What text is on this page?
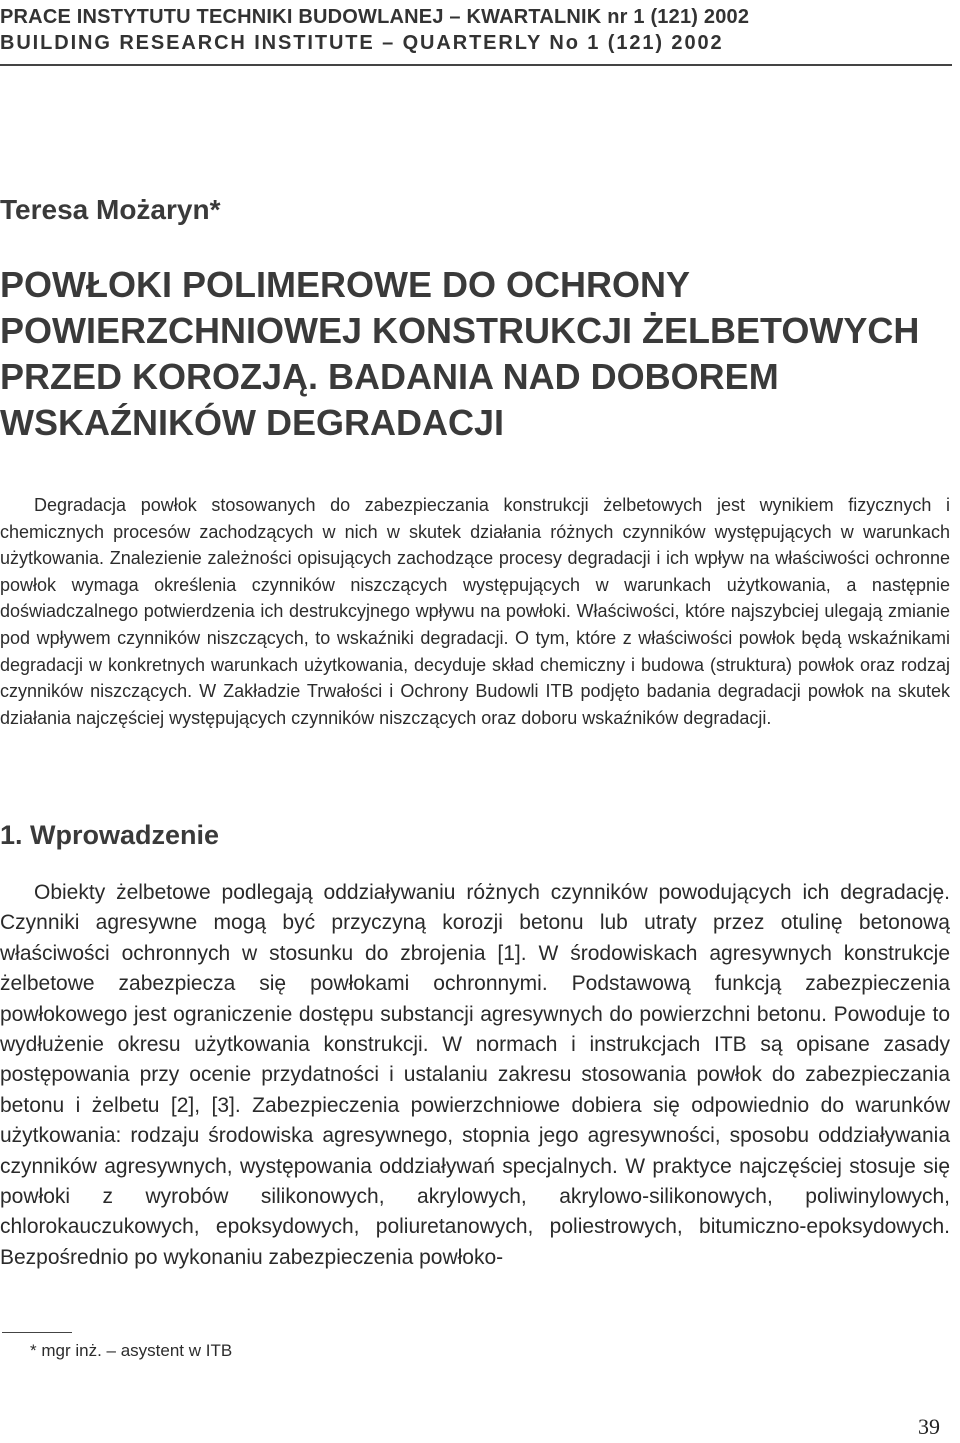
PRACE INSTYTUTU TECHNIKI BUDOWLANEJ – KWARTALNIK nr 1 (121) 2002
BUILDING RESEARCH INSTITUTE – QUARTERLY No 1 (121) 2002
Teresa Możaryn*
POWŁOKI POLIMEROWE DO OCHRONY
POWIERZCHNIOWEJ KONSTRUKCJI ŻELBETOWYCH
PRZED KOROZJĄ. BADANIA NAD DOBOREM
WSKAŹNIKÓW DEGRADACJI
Degradacja powłok stosowanych do zabezpieczania konstrukcji żelbetowych jest wynikiem fizycznych i chemicznych procesów zachodzących w nich w skutek działania różnych czynników występujących w warunkach użytkowania. Znalezienie zależności opisujących zachodzące procesy degradacji i ich wpływ na właściwości ochronne powłok wymaga określenia czynników niszczących występujących w warunkach użytkowania, a następnie doświadczalnego potwierdzenia ich destrukcyjnego wpływu na powłoki. Właściwości, które najszybciej ulegają zmianie pod wpływem czynników niszczących, to wskaźniki degradacji. O tym, które z właściwości powłok będą wskaźnikami degradacji w konkretnych warunkach użytkowania, decyduje skład chemiczny i budowa (struktura) powłok oraz rodzaj czynników niszczących. W Zakładzie Trwałości i Ochrony Budowli ITB podjęto badania degradacji powłok na skutek działania najczęściej występujących czynników niszczących oraz doboru wskaźników degradacji.
1. Wprowadzenie
Obiekty żelbetowe podlegają oddziaływaniu różnych czynników powodujących ich degradację. Czynniki agresywne mogą być przyczyną korozji betonu lub utraty przez otulinę betonową właściwości ochronnych w stosunku do zbrojenia [1]. W środowiskach agresywnych konstrukcje żelbetowe zabezpiecza się powłokami ochronnymi. Podstawową funkcją zabezpieczenia powłokowego jest ograniczenie dostępu substancji agresywnych do powierzchni betonu. Powoduje to wydłużenie okresu użytkowania konstrukcji. W normach i instrukcjach ITB są opisane zasady postępowania przy ocenie przydatności i ustalaniu zakresu stosowania powłok do zabezpieczania betonu i żelbetu [2], [3]. Zabezpieczenia powierzchniowe dobiera się odpowiednio do warunków użytkowania: rodzaju środowiska agresywnego, stopnia jego agresywności, sposobu oddziaływania czynników agresywnych, występowania oddziaływań specjalnych. W praktyce najczęściej stosuje się powłoki z wyrobów silikonowych, akrylowych, akrylowo-silikonowych, poliwinylowych, chlorokauczukowych, epoksydowych, poliuretanowych, poliestrowych, bitumiczno-epoksydowych. Bezpośrednio po wykonaniu zabezpieczenia powłoko-
* mgr inż. – asystent w ITB
39
